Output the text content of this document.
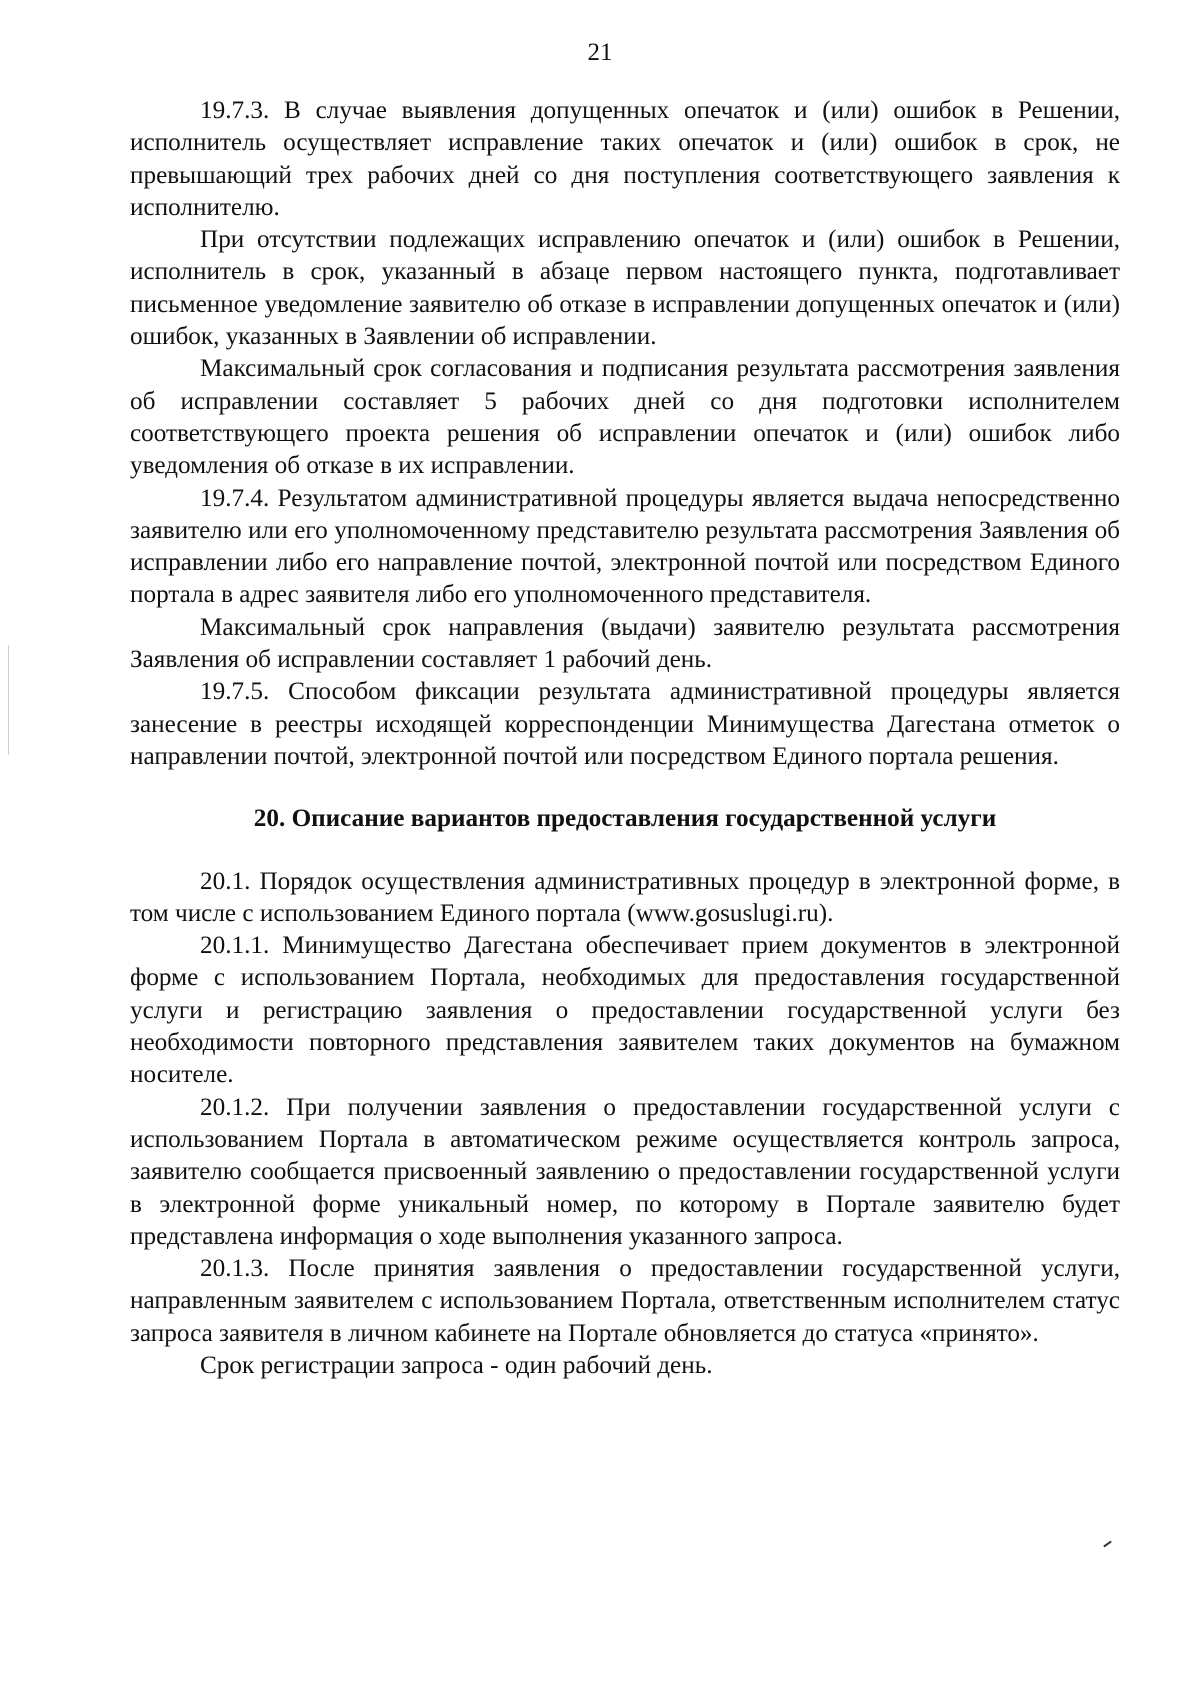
21

19.7.3. В случае выявления допущенных опечаток и (или) ошибок в Решении, исполнитель осуществляет исправление таких опечаток и (или) ошибок в срок, не превышающий трех рабочих дней со дня поступления соответствующего заявления к исполнителю.

При отсутствии подлежащих исправлению опечаток и (или) ошибок в Решении, исполнитель в срок, указанный в абзаце первом настоящего пункта, подготавливает письменное уведомление заявителю об отказе в исправлении допущенных опечаток и (или) ошибок, указанных в Заявлении об исправлении.

Максимальный срок согласования и подписания результата рассмотрения заявления об исправлении составляет 5 рабочих дней со дня подготовки исполнителем соответствующего проекта решения об исправлении опечаток и (или) ошибок либо уведомления об отказе в их исправлении.

19.7.4. Результатом административной процедуры является выдача непосредственно заявителю или его уполномоченному представителю результата рассмотрения Заявления об исправлении либо его направление почтой, электронной почтой или посредством Единого портала в адрес заявителя либо его уполномоченного представителя.

Максимальный срок направления (выдачи) заявителю результата рассмотрения Заявления об исправлении составляет 1 рабочий день.

19.7.5. Способом фиксации результата административной процедуры является занесение в реестры исходящей корреспонденции Минимущества Дагестана отметок о направлении почтой, электронной почтой или посредством Единого портала решения.

20. Описание вариантов предоставления государственной услуги

20.1. Порядок осуществления административных процедур в электронной форме, в том числе с использованием Единого портала (www.gosuslugi.ru).

20.1.1. Минимущество Дагестана обеспечивает прием документов в электронной форме с использованием Портала, необходимых для предоставления государственной услуги и регистрацию заявления о предоставлении государственной услуги без необходимости повторного представления заявителем таких документов на бумажном носителе.

20.1.2. При получении заявления о предоставлении государственной услуги с использованием Портала в автоматическом режиме осуществляется контроль запроса, заявителю сообщается присвоенный заявлению о предоставлении государственной услуги в электронной форме уникальный номер, по которому в Портале заявителю будет представлена информация о ходе выполнения указанного запроса.

20.1.3. После принятия заявления о предоставлении государственной услуги, направленным заявителем с использованием Портала, ответственным исполнителем статус запроса заявителя в личном кабинете на Портале обновляется до статуса «принято».

Срок регистрации запроса - один рабочий день.
